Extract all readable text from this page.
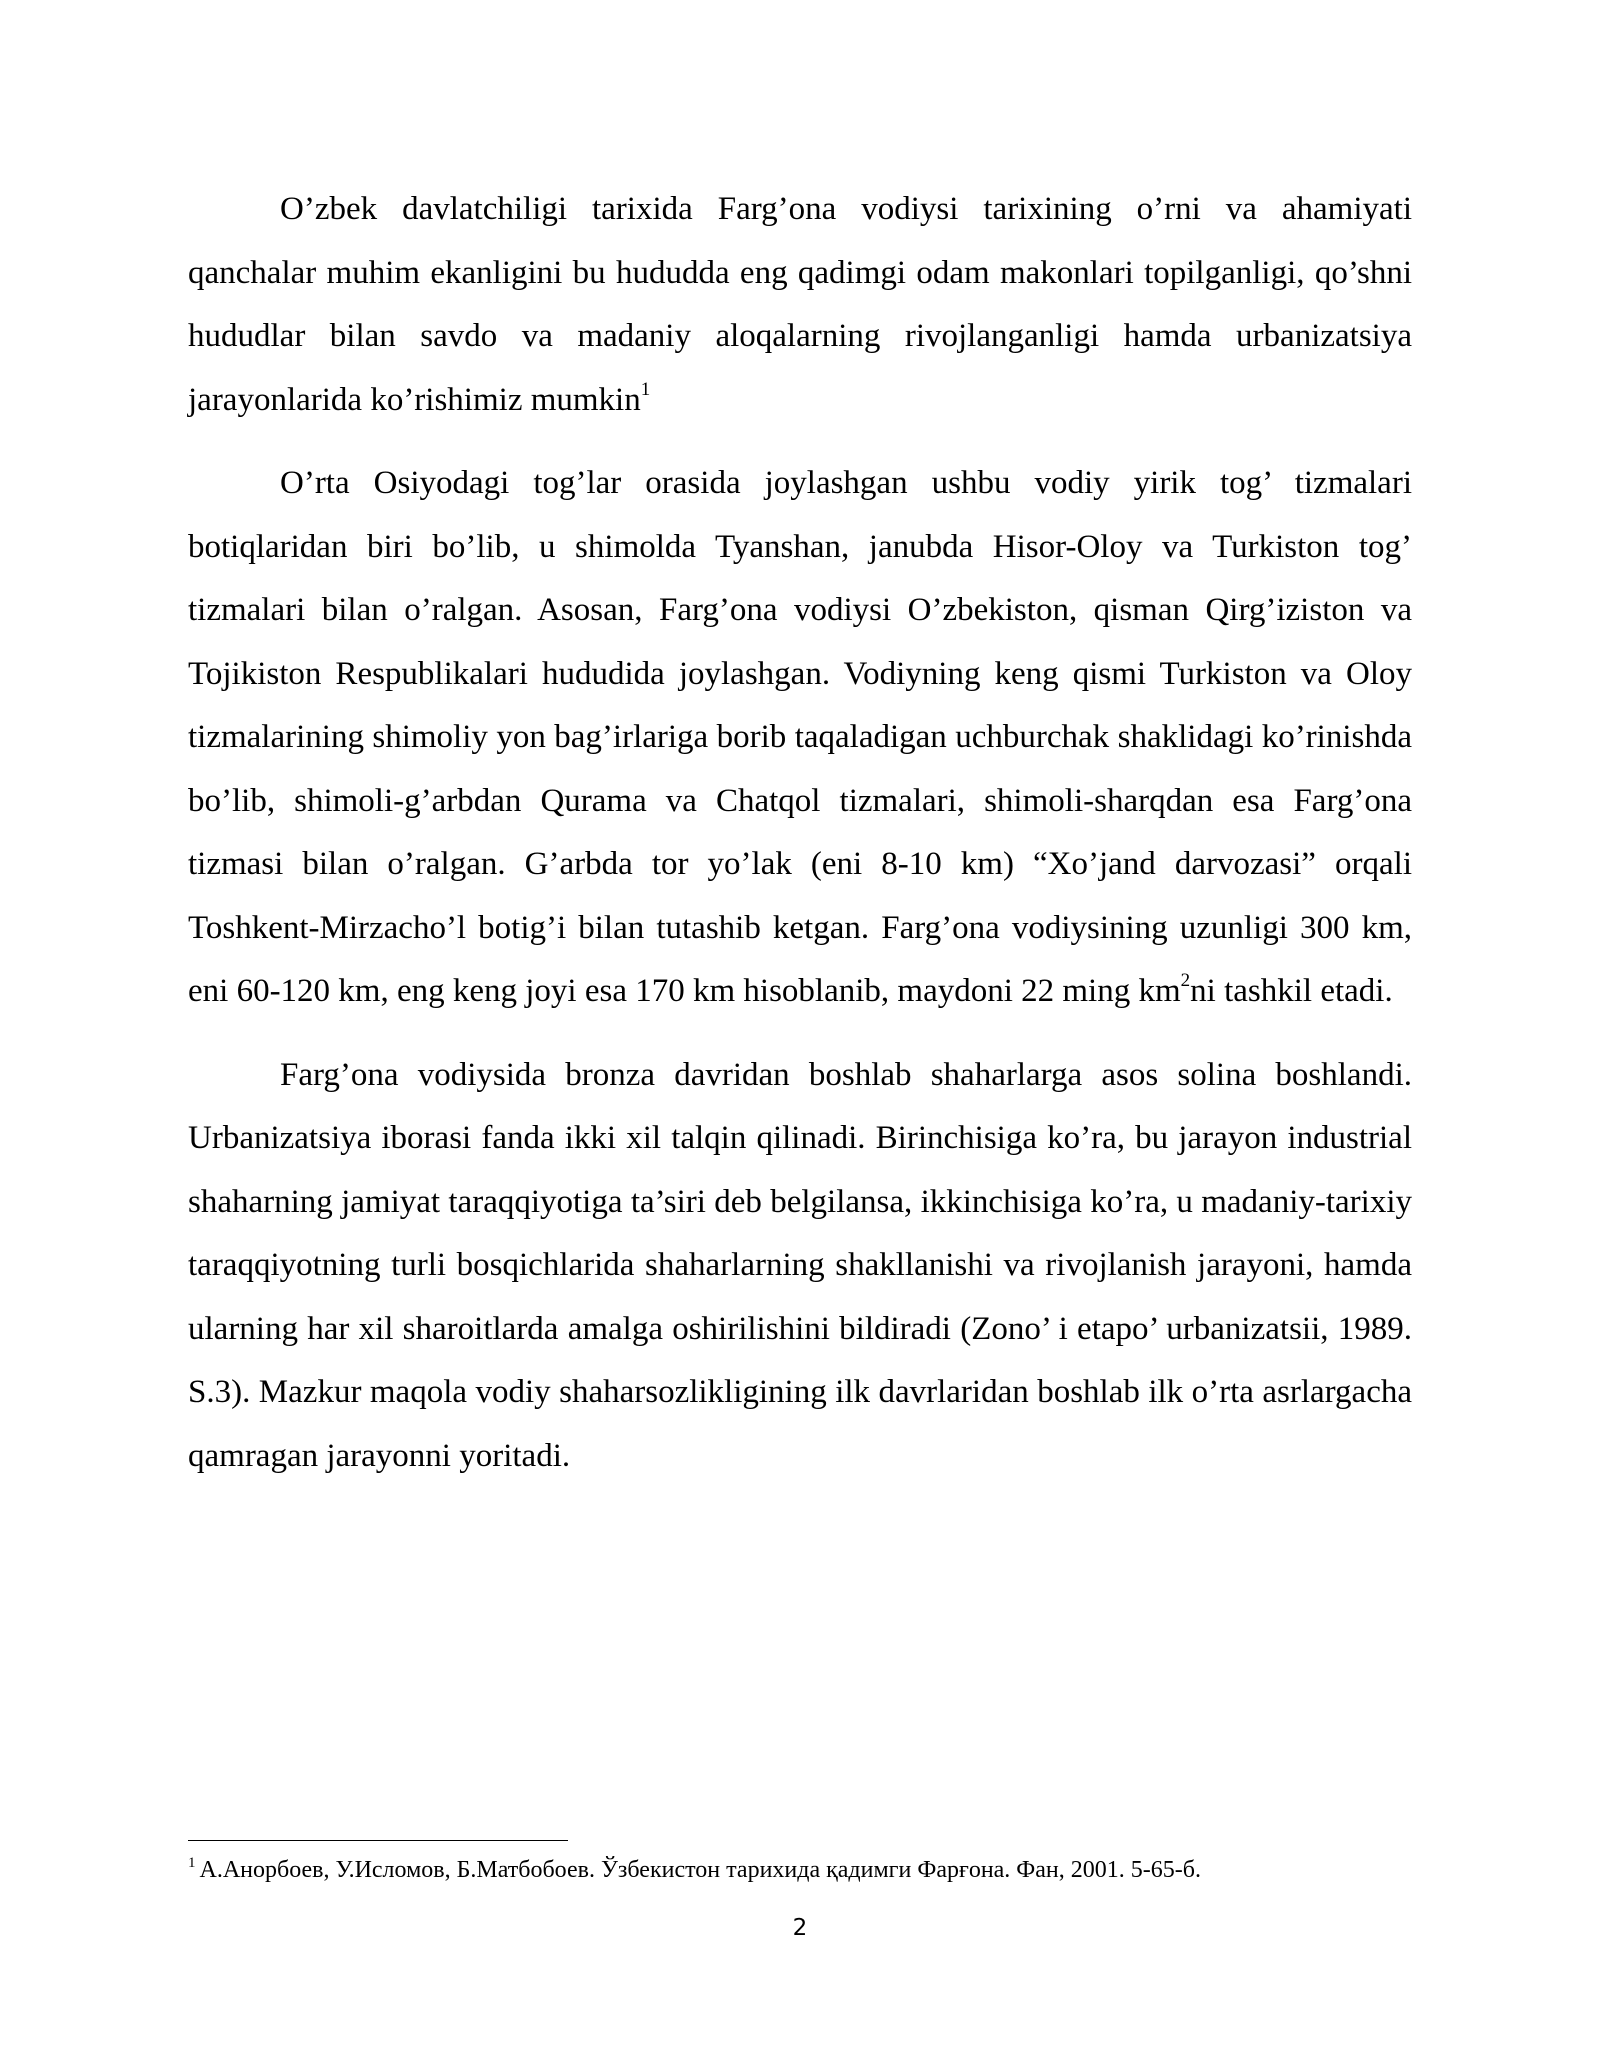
O’zbek davlatchiligi tarixida Farg’ona vodiysi tarixining o’rni va ahamiyati qanchalar muhim ekanligini bu hududda eng qadimgi odam makonlari topilganligi, qo’shni hududlar bilan savdo va madaniy aloqalarning rivojlanganligi hamda urbanizatsiya jarayonlarida ko’rishimiz mumkin$^1$

O’rta Osiyodagi tog’lar orasida joylashgan ushbu vodiy yirik tog’ tizmalari botiqlaridan biri bo’lib, u shimolda Tyanshan, janubda Hisor-Oloy va Turkiston tog’ tizmalari bilan o’ralgan. Asosan, Farg’ona vodiysi O’zbekiston, qisman Qirg’iziston va Tojikiston Respublikalari hududida joylashgan. Vodiyning keng qismi Turkiston va Oloy tizmalarining shimoliy yon bag’irlariga borib taqaladigan uchburchak shaklidagi ko’rinishda bo’lib, shimoli-g’arbdan Qurama va Chatqol tizmalari, shimoli-sharqdan esa Farg’ona tizmasi bilan o’ralgan. G’arbda tor yo’lak (eni 8-10 km) “Xo’jand darvozasi” orqali Toshkent-Mirzacho’l botig’i bilan tutashib ketgan. Farg’ona vodiysining uzunligi 300 km, eni 60-120 km, eng keng joyi esa 170 km hisoblanib, maydoni 22 ming $km^2ni$ tashkil etadi.

Farg’ona vodiysida bronza davridan boshlab shaharlarga asos solina boshlandi. Urbanizatsiya iborasi fanda ikki xil talqin qilinadi. Birinchisiga ko’ra, bu jarayon industrial shaharning jamiyat taraqqiyotiga ta’siri deb belgilansa, ikkinchisiga ko’ra, u madaniy-tarixiy taraqqiyotning turli bosqichlarida shaharlarning shakllanishi va rivojlanish jarayoni, hamda ularning har xil sharoitlarda amalga oshirilishini bildiradi (Zono’ i etapo’ urbanizatsii, 1989. S.3). Mazkur maqola vodiy shaharsozlikligining ilk davrlaridan boshlab ilk o’rta asrlargacha qamragan jarayonni yoritadi.

$^1$ А.Анорбоев, У.Исломов, Б.Матбобоев. Ўзбекистон тарихида қадимги Фарғона. Фан, 2001. 5-65-б.
2
